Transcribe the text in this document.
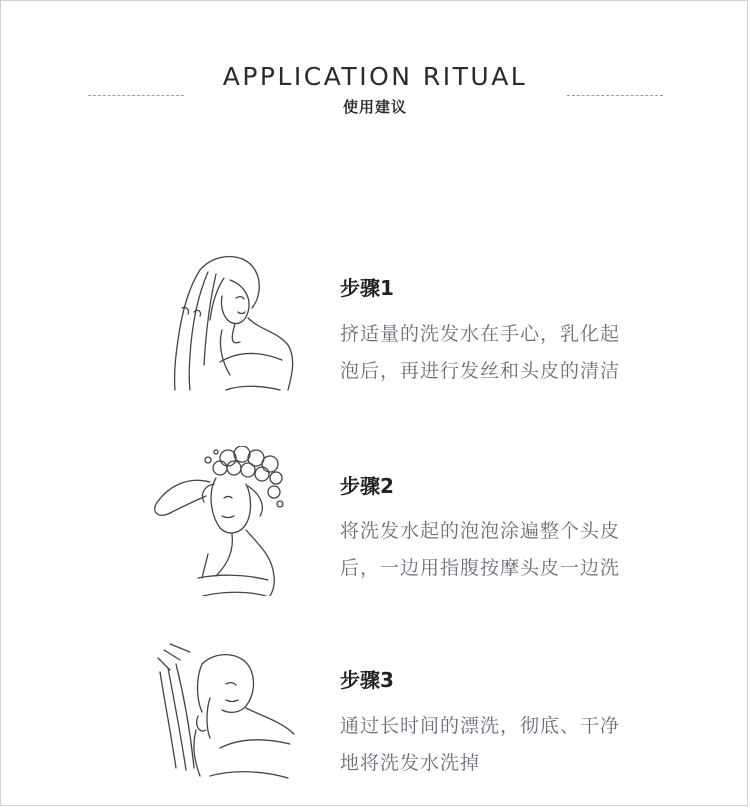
APPLICATION RITUAL
使用建议
步骤1
挤适量的洗发水在手心，乳化起
泡后，再进行发丝和头皮的清洁
步骤2
将洗发水起的泡泡涂遍整个头皮
后，一边用指腹按摩头皮一边洗
步骤3
通过长时间的漂洗，彻底、干净
地将洗发水洗掉
